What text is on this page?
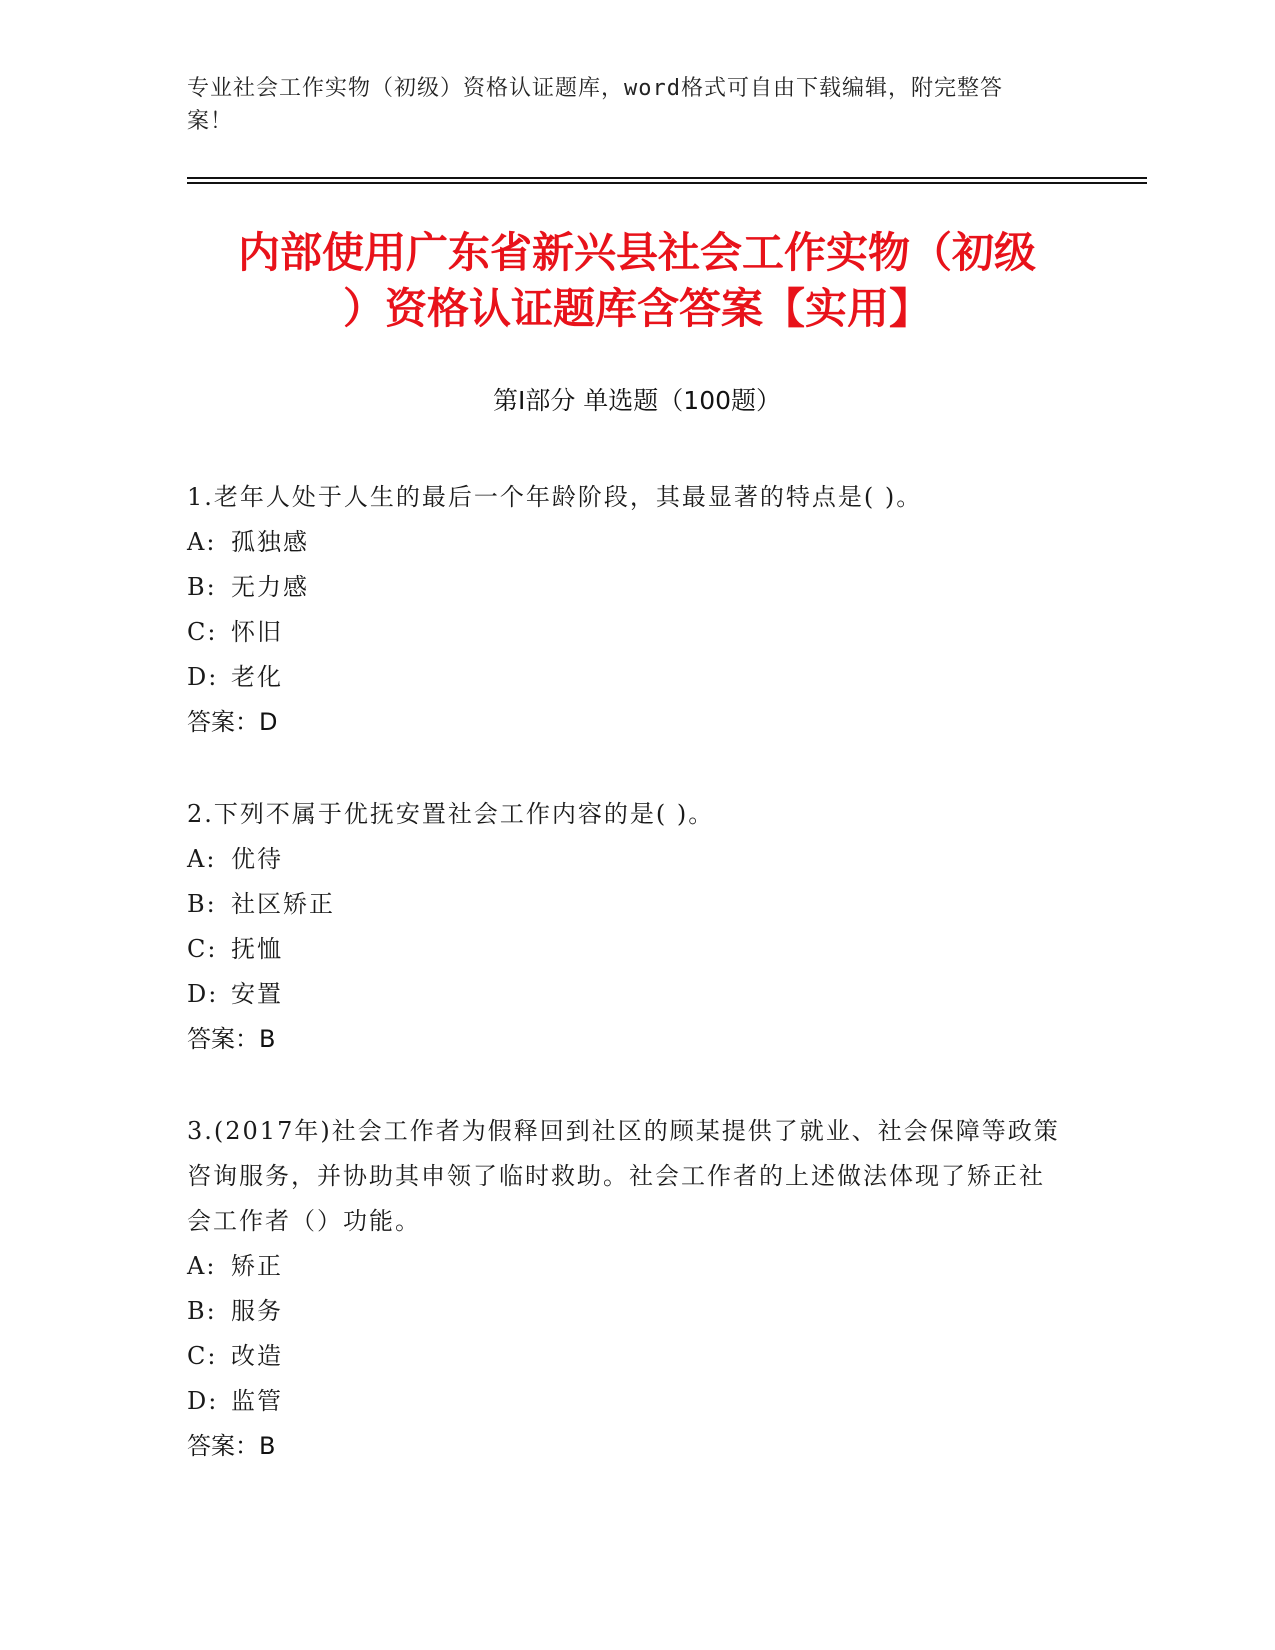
专业社会工作实物（初级）资格认证题库，word格式可自由下载编辑，附完整答
案！
内部使用广东省新兴县社会工作实物（初级
）资格认证题库含答案【实用】
第Ⅰ部分 单选题（100题）
1.老年人处于人生的最后一个年龄阶段，其最显著的特点是( )。
A: 孤独感
B: 无力感
C: 怀旧
D: 老化
答案：D
2.下列不属于优抚安置社会工作内容的是( )。
A: 优待
B: 社区矫正
C: 抚恤
D: 安置
答案：B
3.(2017年)社会工作者为假释回到社区的顾某提供了就业、社会保障等政策咨询服务，并协助其申领了临时救助。社会工作者的上述做法体现了矫正社会工作者（）功能。
A: 矫正
B: 服务
C: 改造
D: 监管
答案：B
